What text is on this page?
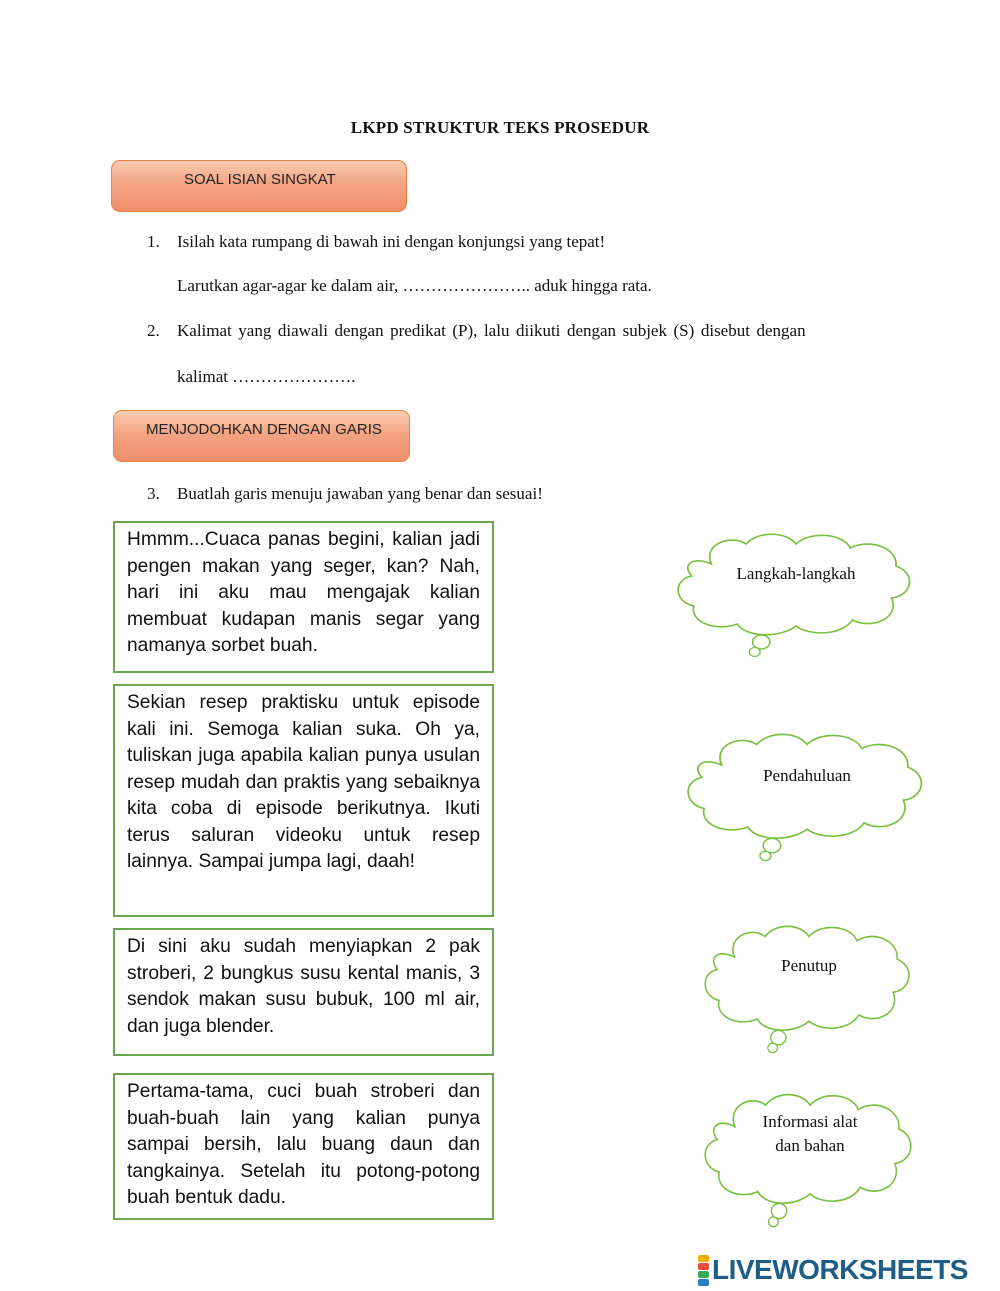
LKPD STRUKTUR TEKS PROSEDUR
SOAL ISIAN SINGKAT
1. Isilah kata rumpang di bawah ini dengan konjungsi yang tepat!
Larutkan agar-agar ke dalam air, ………………….. aduk hingga rata.
2. Kalimat yang diawali dengan predikat (P), lalu diikuti dengan subjek (S) disebut dengan
kalimat ………………….
MENJODOHKAN DENGAN GARIS
3. Buatlah garis menuju jawaban yang benar dan sesuai!
Hmmm...Cuaca panas begini, kalian jadi pengen makan yang seger, kan? Nah, hari ini aku mau mengajak kalian membuat kudapan manis segar yang namanya sorbet buah.
Sekian resep praktisku untuk episode kali ini. Semoga kalian suka. Oh ya, tuliskan juga apabila kalian punya usulan resep mudah dan praktis yang sebaiknya kita coba di episode berikutnya. Ikuti terus saluran videoku untuk resep lainnya. Sampai jumpa lagi, daah!
Di sini aku sudah menyiapkan 2 pak stroberi, 2 bungkus susu kental manis, 3 sendok makan susu bubuk, 100 ml air, dan juga blender.
Pertama-tama, cuci buah stroberi dan buah-buah lain yang kalian punya sampai bersih, lalu buang daun dan tangkainya. Setelah itu potong-potong buah bentuk dadu.
Langkah-langkah
Pendahuluan
Penutup
Informasi alat
dan bahan
LIVEWORKSHEETS
